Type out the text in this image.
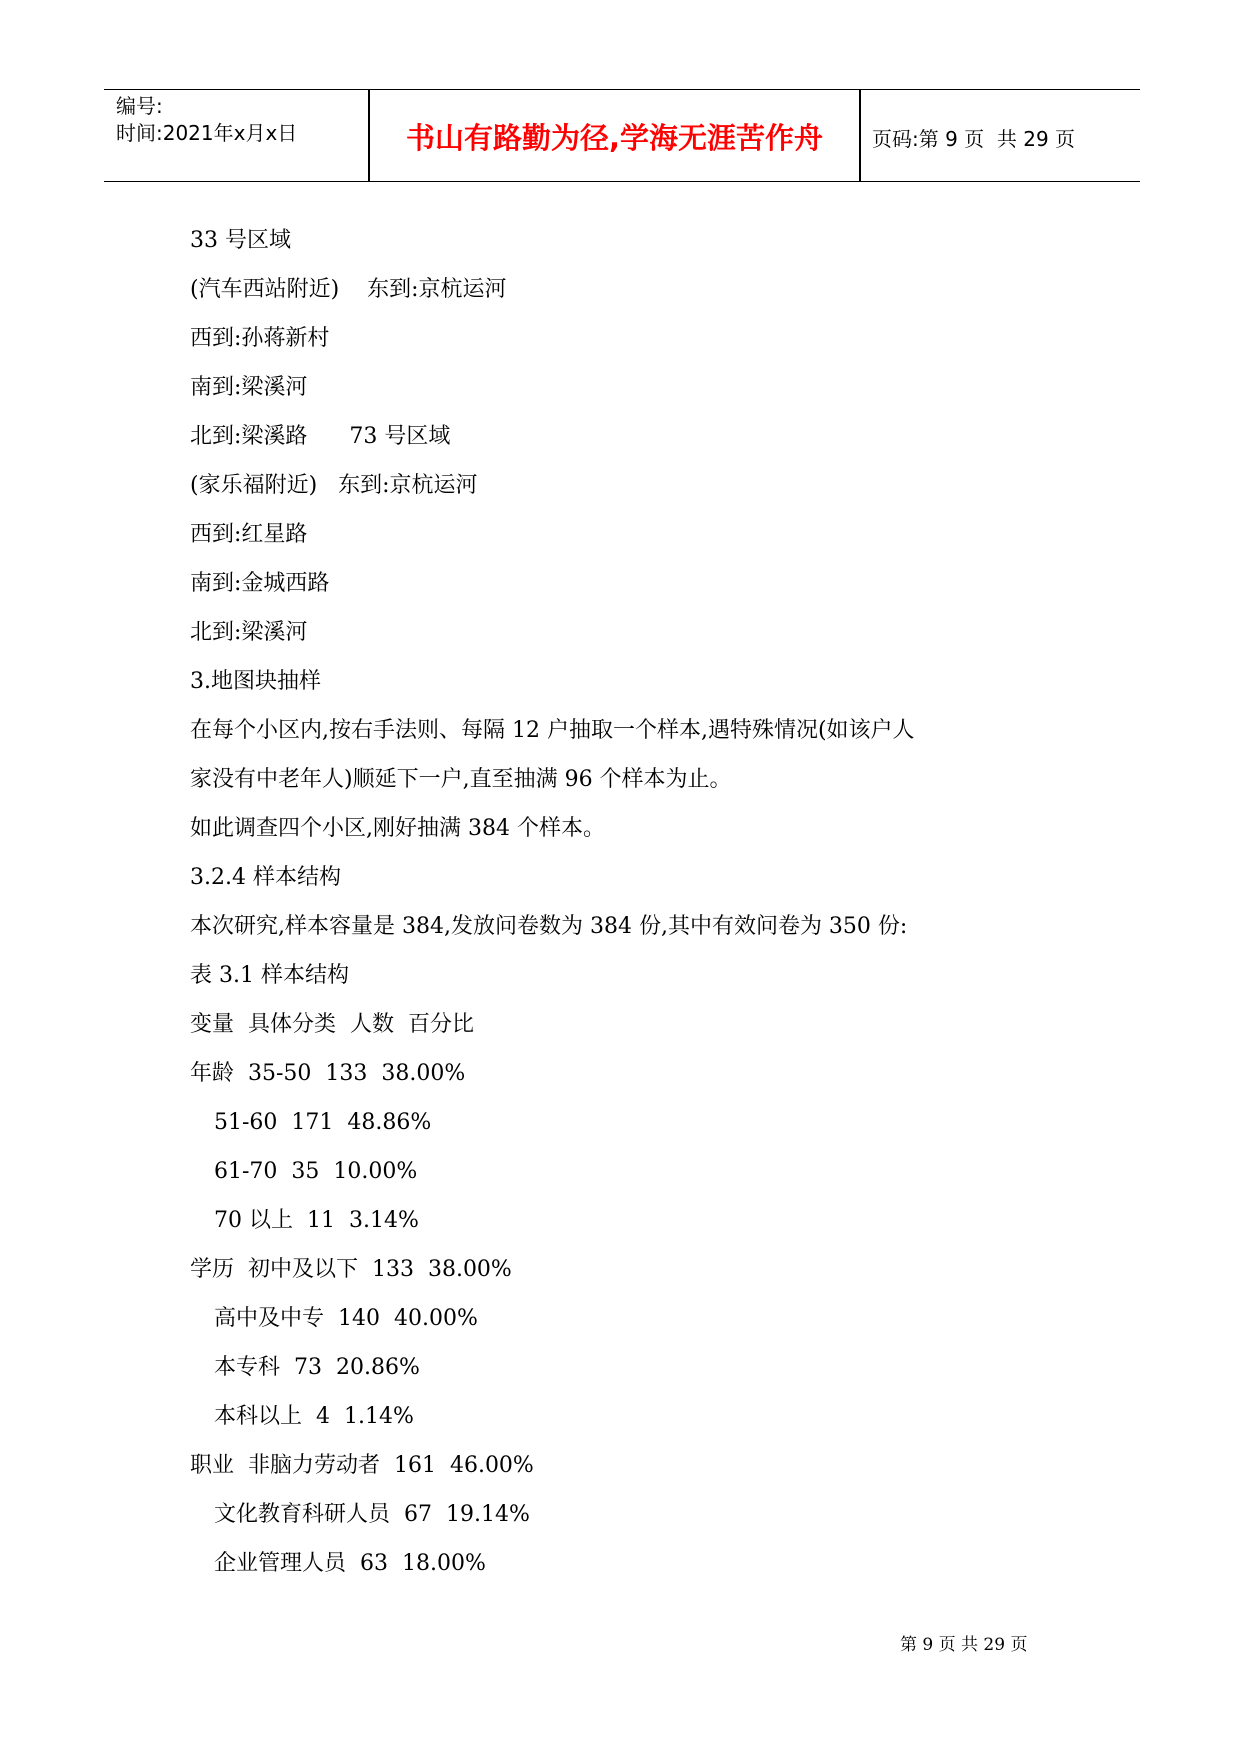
编号:
时间:2021年x月x日	书山有路勤为径,学海无涯苦作舟	页码:第 9 页  共 29 页
33 号区域
(汽车西站附近)    东到:京杭运河
西到:孙蒋新村
南到:梁溪河
北到:梁溪路      73 号区域
(家乐福附近)   东到:京杭运河
西到:红星路
南到:金城西路
北到:梁溪河
3.地图块抽样
在每个小区内,按右手法则、每隔 12 户抽取一个样本,遇特殊情况(如该户人
家没有中老年人)顺延下一户,直至抽满 96 个样本为止。
如此调查四个小区,刚好抽满 384 个样本。
3.2.4 样本结构
本次研究,样本容量是 384,发放问卷数为 384 份,其中有效问卷为 350 份:
表 3.1 样本结构
变量  具体分类  人数  百分比
年龄  35-50  133  38.00%
51-60  171  48.86%
61-70  35  10.00%
70 以上  11  3.14%
学历  初中及以下  133  38.00%
高中及中专  140  40.00%
本专科  73  20.86%
本科以上  4  1.14%
职业  非脑力劳动者  161  46.00%
文化教育科研人员  67  19.14%
企业管理人员  63  18.00%
第 9 页 共 29 页
